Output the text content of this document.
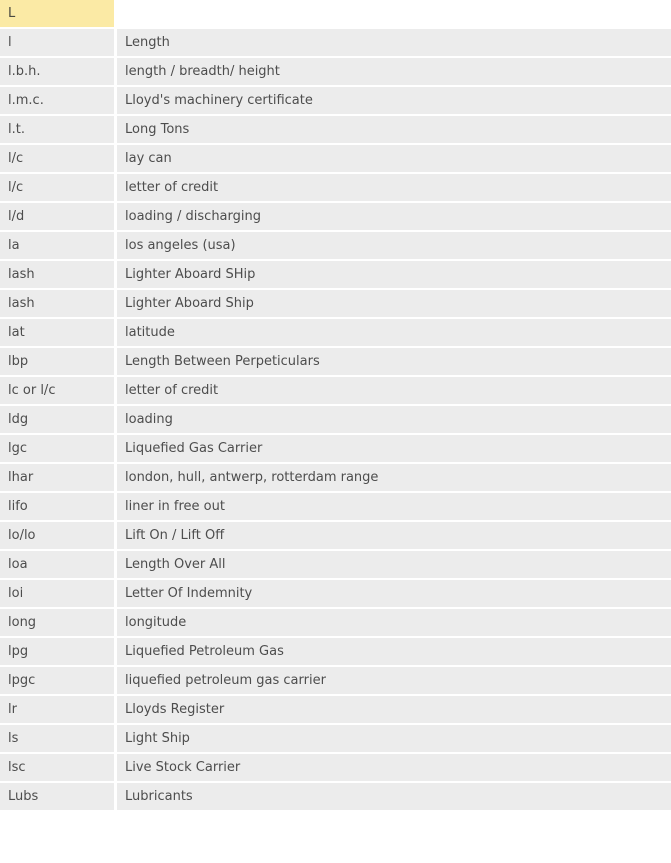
L	
l	Length
l.b.h.	length / breadth/ height
l.m.c.	Lloyd's machinery certificate
l.t.	Long Tons
l/c	lay can
l/c	letter of credit
l/d	loading / discharging
la	los angeles (usa)
lash	Lighter Aboard SHip
lash	Lighter Aboard Ship
lat	latitude
lbp	Length Between Perpeticulars
lc or l/c	letter of credit
ldg	loading
lgc	Liquefied Gas Carrier
lhar	london, hull, antwerp, rotterdam range
lifo	liner in free out
lo/lo	Lift On / Lift Off
loa	Length Over All
loi	Letter Of Indemnity
long	longitude
lpg	Liquefied Petroleum Gas
lpgc	liquefied petroleum gas carrier
lr	Lloyds Register
ls	Light Ship
lsc	Live Stock Carrier
Lubs	Lubricants
